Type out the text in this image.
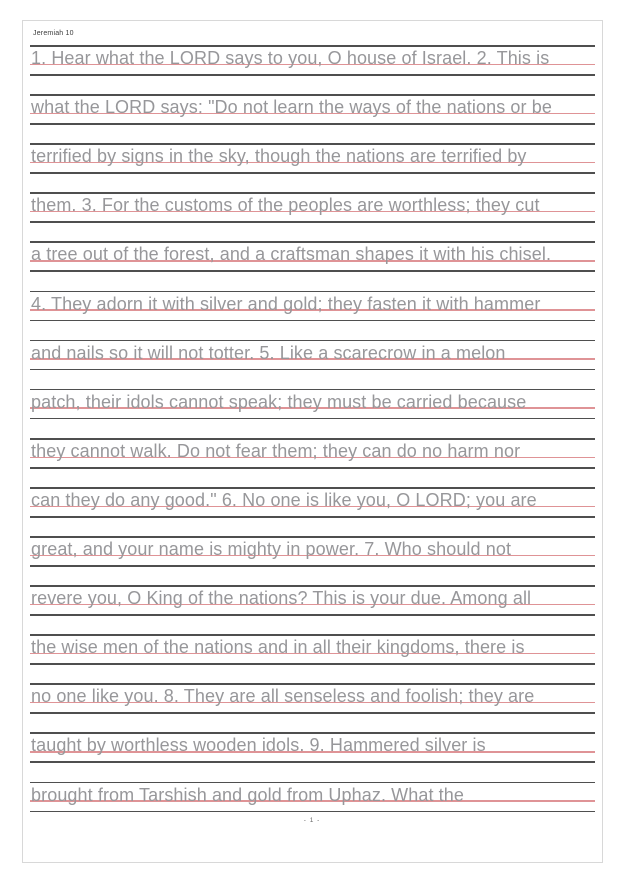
Jeremiah 10
1. Hear what the LORD says to you, O house of Israel. 2. This is
what the LORD says: "Do not learn the ways of the nations or be
terrified by signs in the sky, though the nations are terrified by
them. 3. For the customs of the peoples are worthless; they cut
a tree out of the forest, and a craftsman shapes it with his chisel.
4. They adorn it with silver and gold; they fasten it with hammer
and nails so it will not totter. 5. Like a scarecrow in a melon
patch, their idols cannot speak; they must be carried because
they cannot walk. Do not fear them; they can do no harm nor
can they do any good." 6. No one is like you, O LORD; you are
great, and your name is mighty in power. 7. Who should not
revere you, O King of the nations? This is your due. Among all
the wise men of the nations and in all their kingdoms, there is
no one like you. 8. They are all senseless and foolish; they are
taught by worthless wooden idols. 9. Hammered silver is
brought from Tarshish and gold from Uphaz. What the
- 1 -
